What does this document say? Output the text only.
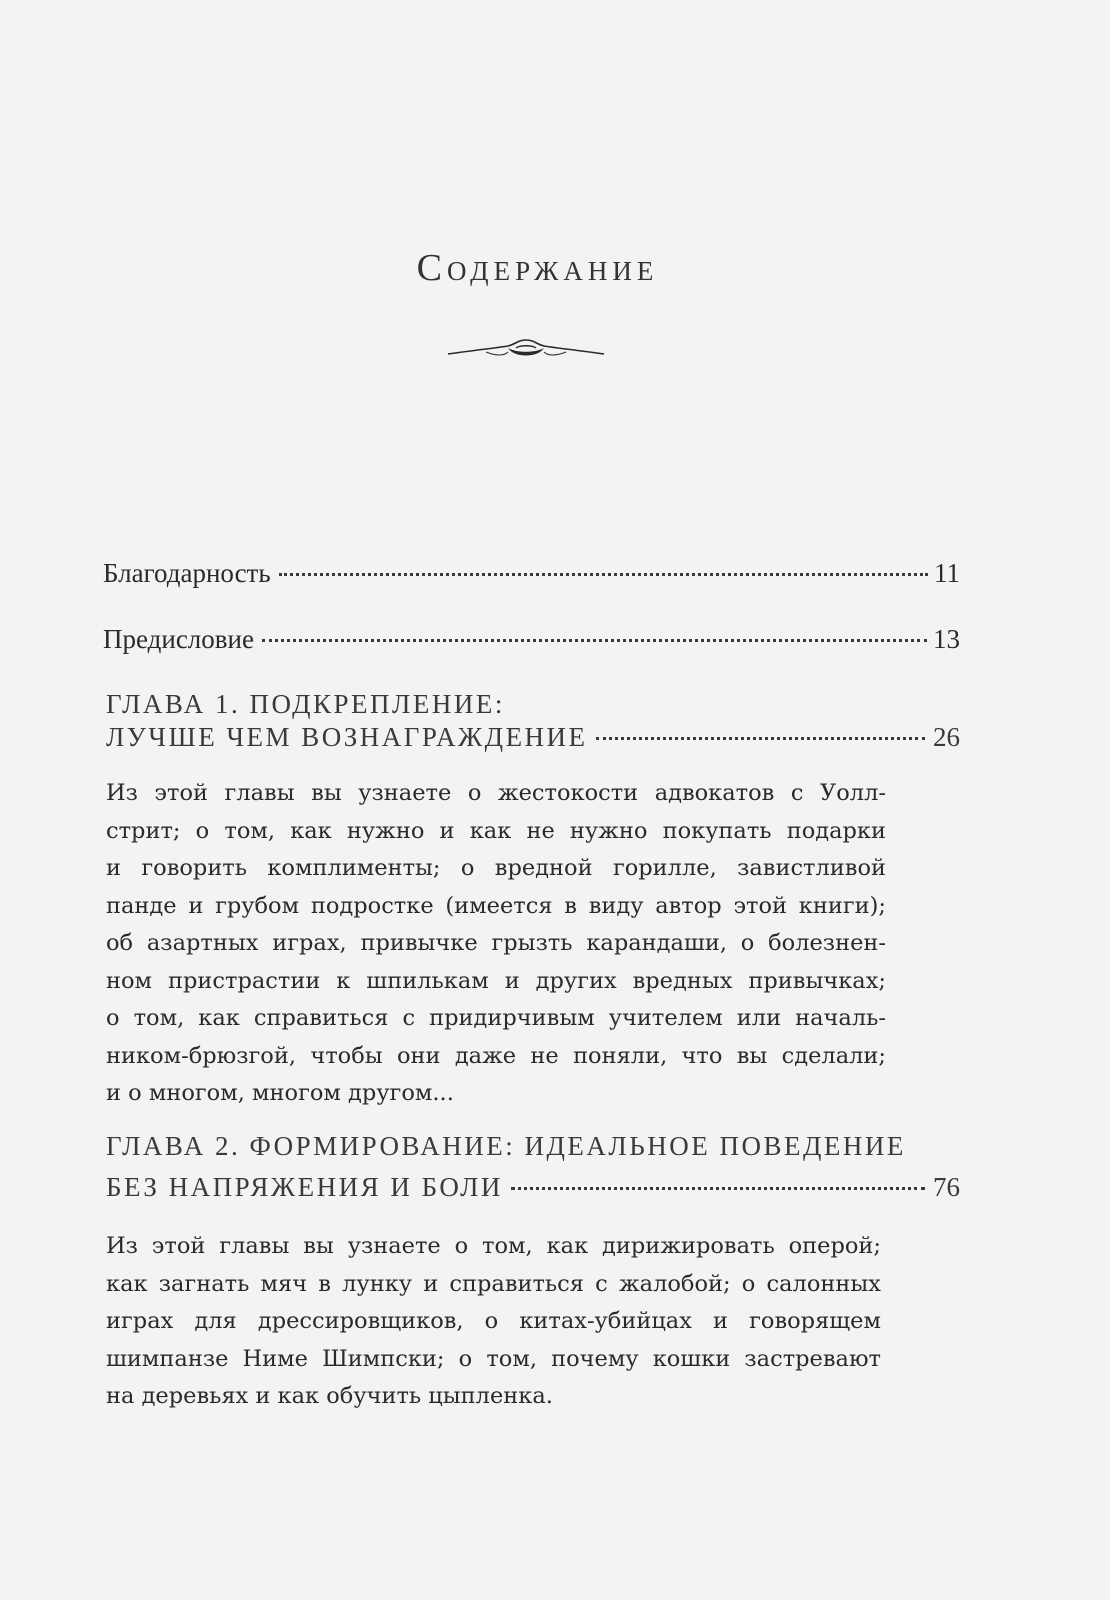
Содержание
Благодарность	11
Предисловие	13
ГЛАВА 1. ПОДКРЕПЛЕНИЕ:
ЛУЧШЕ ЧЕМ ВОЗНАГРАЖДЕНИЕ	26
Из этой главы вы узнаете о жестокости адвокатов с Уолл-
стрит; о том, как нужно и как не нужно покупать подарки
и говорить комплименты; о вредной горилле, завистливой
панде и грубом подростке (имеется в виду автор этой книги);
об азартных играх, привычке грызть карандаши, о болезнен-
ном пристрастии к шпилькам и других вредных привычках;
о том, как справиться с придирчивым учителем или началь-
ником-брюзгой, чтобы они даже не поняли, что вы сделали;
и о многом, многом другом...
ГЛАВА 2. ФОРМИРОВАНИЕ: ИДЕАЛЬНОЕ ПОВЕДЕНИЕ
БЕЗ НАПРЯЖЕНИЯ И БОЛИ	76
Из этой главы вы узнаете о том, как дирижировать оперой;
как загнать мяч в лунку и справиться с жалобой; о салонных
играх для дрессировщиков, о китах-убийцах и говорящем
шимпанзе Ниме Шимпски; о том, почему кошки застревают
на деревьях и как обучить цыпленка.
